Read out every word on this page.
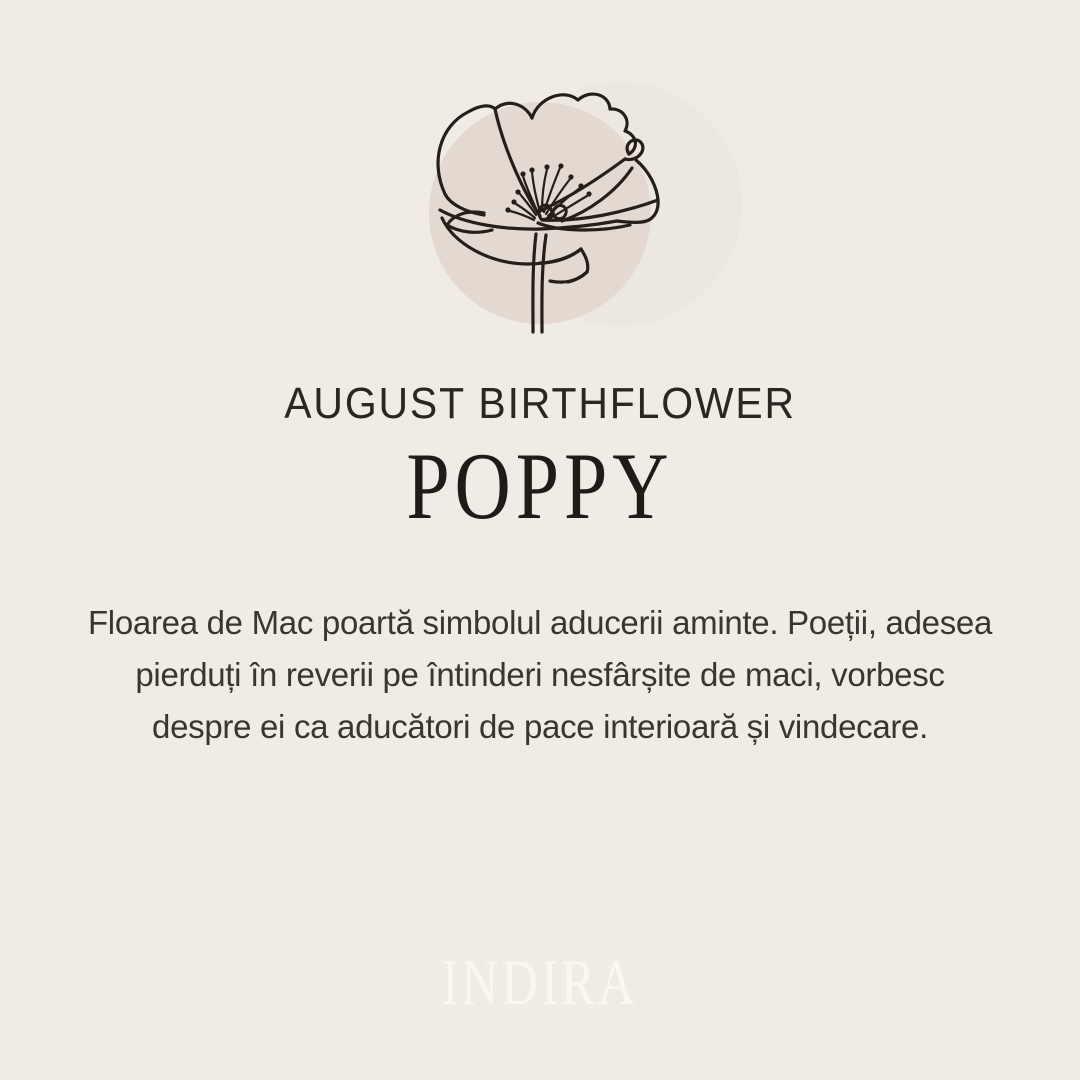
AUGUST BIRTHFLOWER
POPPY

Floarea de Mac poartă simbolul aducerii aminte. Poeții, adesea
pierduți în reverii pe întinderi nesfârșite de maci, vorbesc
despre ei ca aducători de pace interioară și vindecare.

INDIRA
